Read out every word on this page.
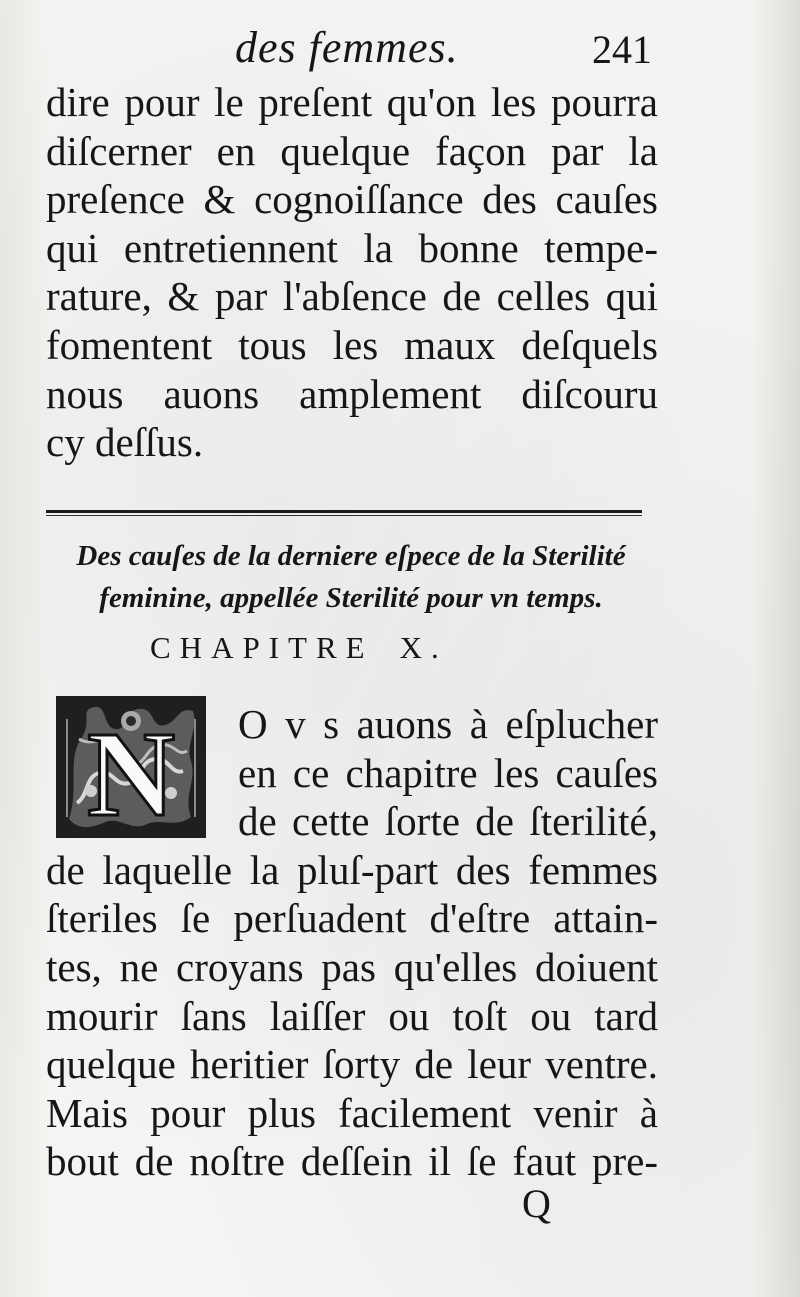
des femmes.	241
dire pour le preſent qu'on les pourra
diſcerner en quelque façon par la
preſence & cognoiſſance des cauſes
qui entretiennent la bonne tempe-
rature, & par l'abſence de celles qui
fomentent tous les maux deſquels
nous auons amplement diſcouru
cy deſſus.
Des cauſes de la derniere eſpece de la Sterilité
feminine, appellée Sterilité pour vn temps.
CHAPITRE X.
N O v s auons à eſplucher
en ce chapitre les cauſes
de cette ſorte de ſterilité,
de laquelle la pluſ-part des femmes
ſteriles ſe perſuadent d'eſtre attain-
tes, ne croyans pas qu'elles doiuent
mourir ſans laiſſer ou toſt ou tard
quelque heritier ſorty de leur ventre.
Mais pour plus facilement venir à
bout de noſtre deſſein il ſe faut pre-
Q
